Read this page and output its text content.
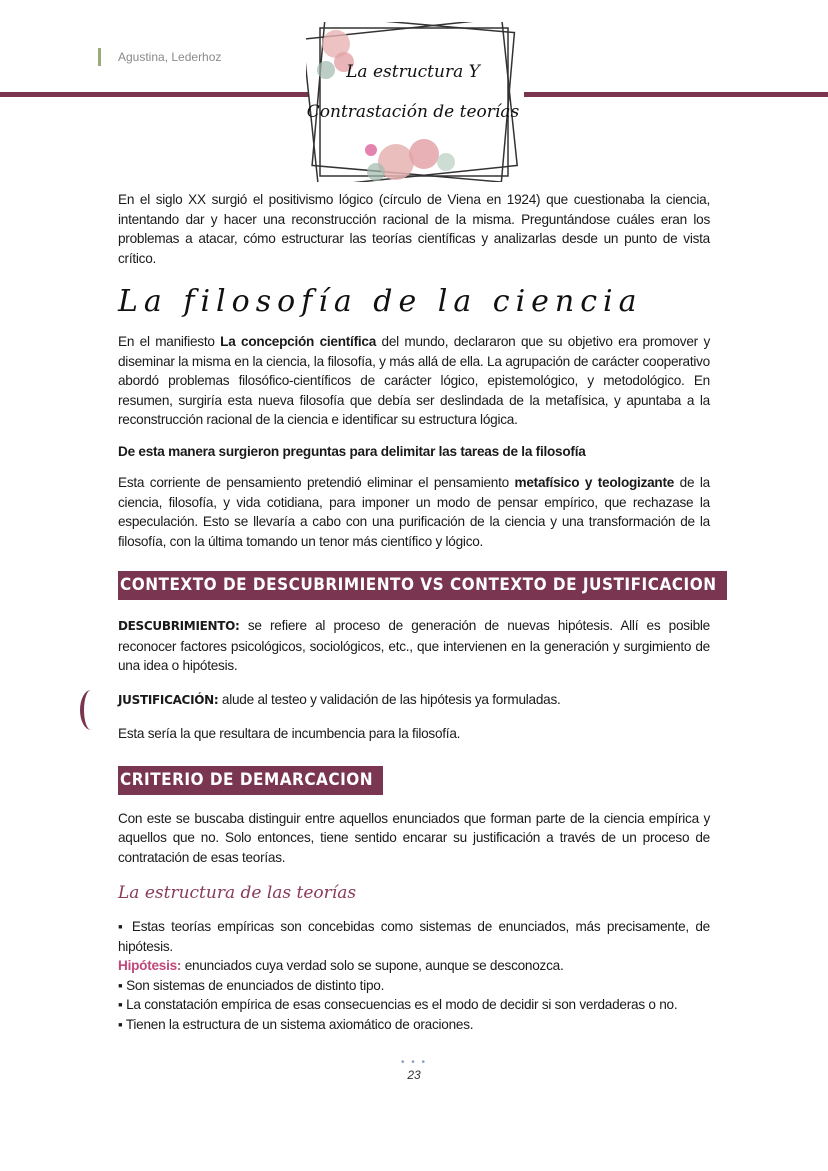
Agustina, Lederhoz
La estructura Y
Contrastación de teorías

En el siglo XX surgió el positivismo lógico (círculo de Viena en 1924) que cuestionaba la ciencia, intentando dar y hacer una reconstrucción racional de la misma. Preguntándose cuáles eran los problemas a atacar, cómo estructurar las teorías científicas y analizarlas desde un punto de vista crítico.

La filosofía de la ciencia

En el manifiesto La concepción científica del mundo, declararon que su objetivo era promover y diseminar la misma en la ciencia, la filosofía, y más allá de ella. La agrupación de carácter cooperativo abordó problemas filosófico-científicos de carácter lógico, epistemológico, y metodológico. En resumen, surgiría esta nueva filosofía que debía ser deslindada de la metafísica, y apuntaba a la reconstrucción racional de la ciencia e identificar su estructura lógica.

De esta manera surgieron preguntas para delimitar las tareas de la filosofía

Esta corriente de pensamiento pretendió eliminar el pensamiento metafísico y teologizante de la ciencia, filosofía, y vida cotidiana, para imponer un modo de pensar empírico, que rechazase la especulación. Esto se llevaría a cabo con una purificación de la ciencia y una transformación de la filosofía, con la última tomando un tenor más científico y lógico.

CONTEXTO DE DESCUBRIMIENTO VS CONTEXTO DE JUSTIFICACION

DESCUBRIMIENTO: se refiere al proceso de generación de nuevas hipótesis. Allí es posible reconocer factores psicológicos, sociológicos, etc., que intervienen en la generación y surgimiento de una idea o hipótesis.

JUSTIFICACIÓN: alude al testeo y validación de las hipótesis ya formuladas.

Esta sería la que resultara de incumbencia para la filosofía.

CRITERIO DE DEMARCACION

Con este se buscaba distinguir entre aquellos enunciados que forman parte de la ciencia empírica y aquellos que no. Solo entonces, tiene sentido encarar su justificación a través de un proceso de contratación de esas teorías.

La estructura de las teorías

▪ Estas teorías empíricas son concebidas como sistemas de enunciados, más precisamente, de hipótesis.

Hipótesis: enunciados cuya verdad solo se supone, aunque se desconozca.

▪ Son sistemas de enunciados de distinto tipo.

▪ La constatación empírica de esas consecuencias es el modo de decidir si son verdaderas o no.

▪ Tienen la estructura de un sistema axiomático de oraciones.

• • •
23
